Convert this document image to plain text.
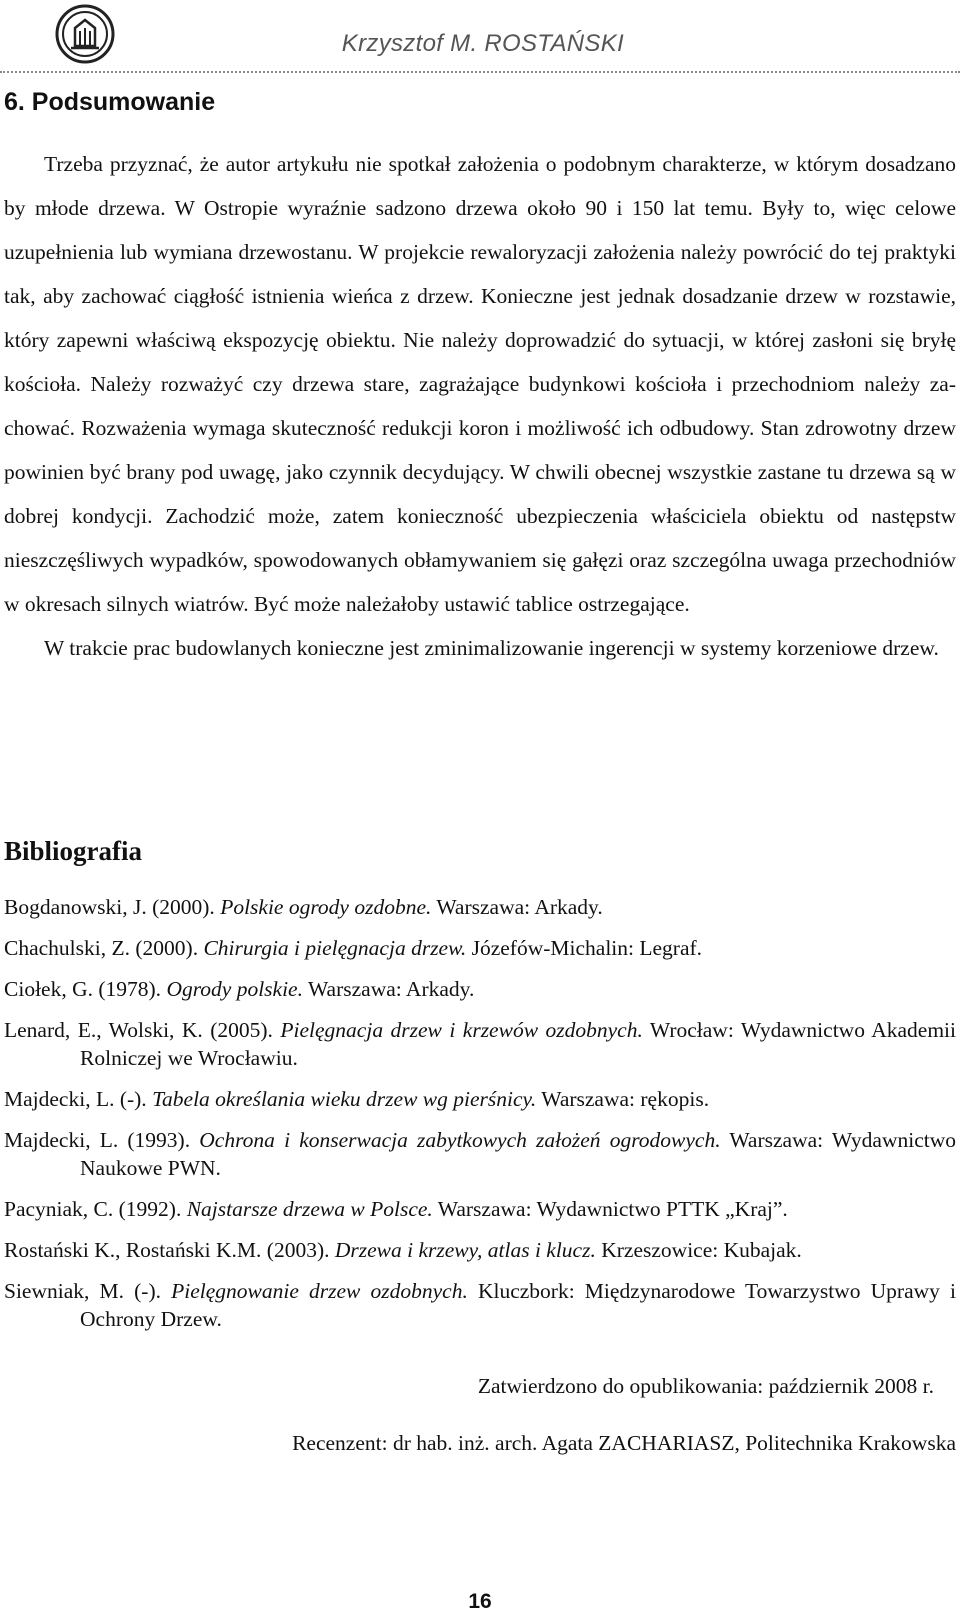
Krzysztof M. ROSTAŃSKI
6. Podsumowanie

Trzeba przyznać, że autor artykułu nie spotkał założenia o podobnym charakterze, w którym dosadzano by młode drzewa. W Ostropie wyraźnie sadzono drzewa około 90 i 150 lat temu. Były to, więc celowe uzupełnienia lub wymiana drzewostanu. W projekcie rewaloryzacji założenia należy powrócić do tej praktyki tak, aby zachować ciągłość istnienia wieńca z drzew. Konieczne jest jednak dosadzanie drzew w rozstawie, który zapewni właściwą ekspozycję obiektu. Nie należy doprowadzić do sytuacji, w której zasłoni się bryłę kościoła. Należy rozważyć czy drzewa stare, zagrażające budynkowi kościoła i przechodniom należy zachować. Rozważenia wymaga skuteczność redukcji koron i możliwość ich odbudowy. Stan zdrowotny drzew powinien być brany pod uwagę, jako czynnik decydujący. W chwili obecnej wszystkie zastane tu drzewa są w dobrej kondycji. Zachodzić może, zatem konieczność ubezpieczenia właściciela obiektu od następstw nieszczęśliwych wypadków, spowodowanych obłamywaniem się gałęzi oraz szczególna uwaga przechodniów w okresach silnych wiatrów. Być może należałoby ustawić tablice ostrzegające.

W trakcie prac budowlanych konieczne jest zminimalizowanie ingerencji w systemy korzeniowe drzew.

Bibliografia
Bogdanowski, J. (2000). Polskie ogrody ozdobne. Warszawa: Arkady.
Chachulski, Z. (2000). Chirurgia i pielęgnacja drzew. Józefów-Michalin: Legraf.
Ciołek, G. (1978). Ogrody polskie. Warszawa: Arkady.
Lenard, E., Wolski, K. (2005). Pielęgnacja drzew i krzewów ozdobnych. Wrocław: Wydawnictwo Akademii Rolniczej we Wrocławiu.
Majdecki, L. (-). Tabela określania wieku drzew wg pierśnicy. Warszawa: rękopis.
Majdecki, L. (1993). Ochrona i konserwacja zabytkowych założeń ogrodowych. Warszawa: Wydawnictwo Naukowe PWN.
Pacyniak, C. (1992). Najstarsze drzewa w Polsce. Warszawa: Wydawnictwo PTTK „Kraj”.
Rostański K., Rostański K.M. (2003). Drzewa i krzewy, atlas i klucz. Krzeszowice: Kubajak.
Siewniak, M. (-). Pielęgnowanie drzew ozdobnych. Kluczbork: Międzynarodowe Towarzystwo Uprawy i Ochrony Drzew.
Zatwierdzono do opublikowania: październik 2008 r.
Recenzent: dr hab. inż. arch. Agata ZACHARIASZ, Politechnika Krakowska
16
